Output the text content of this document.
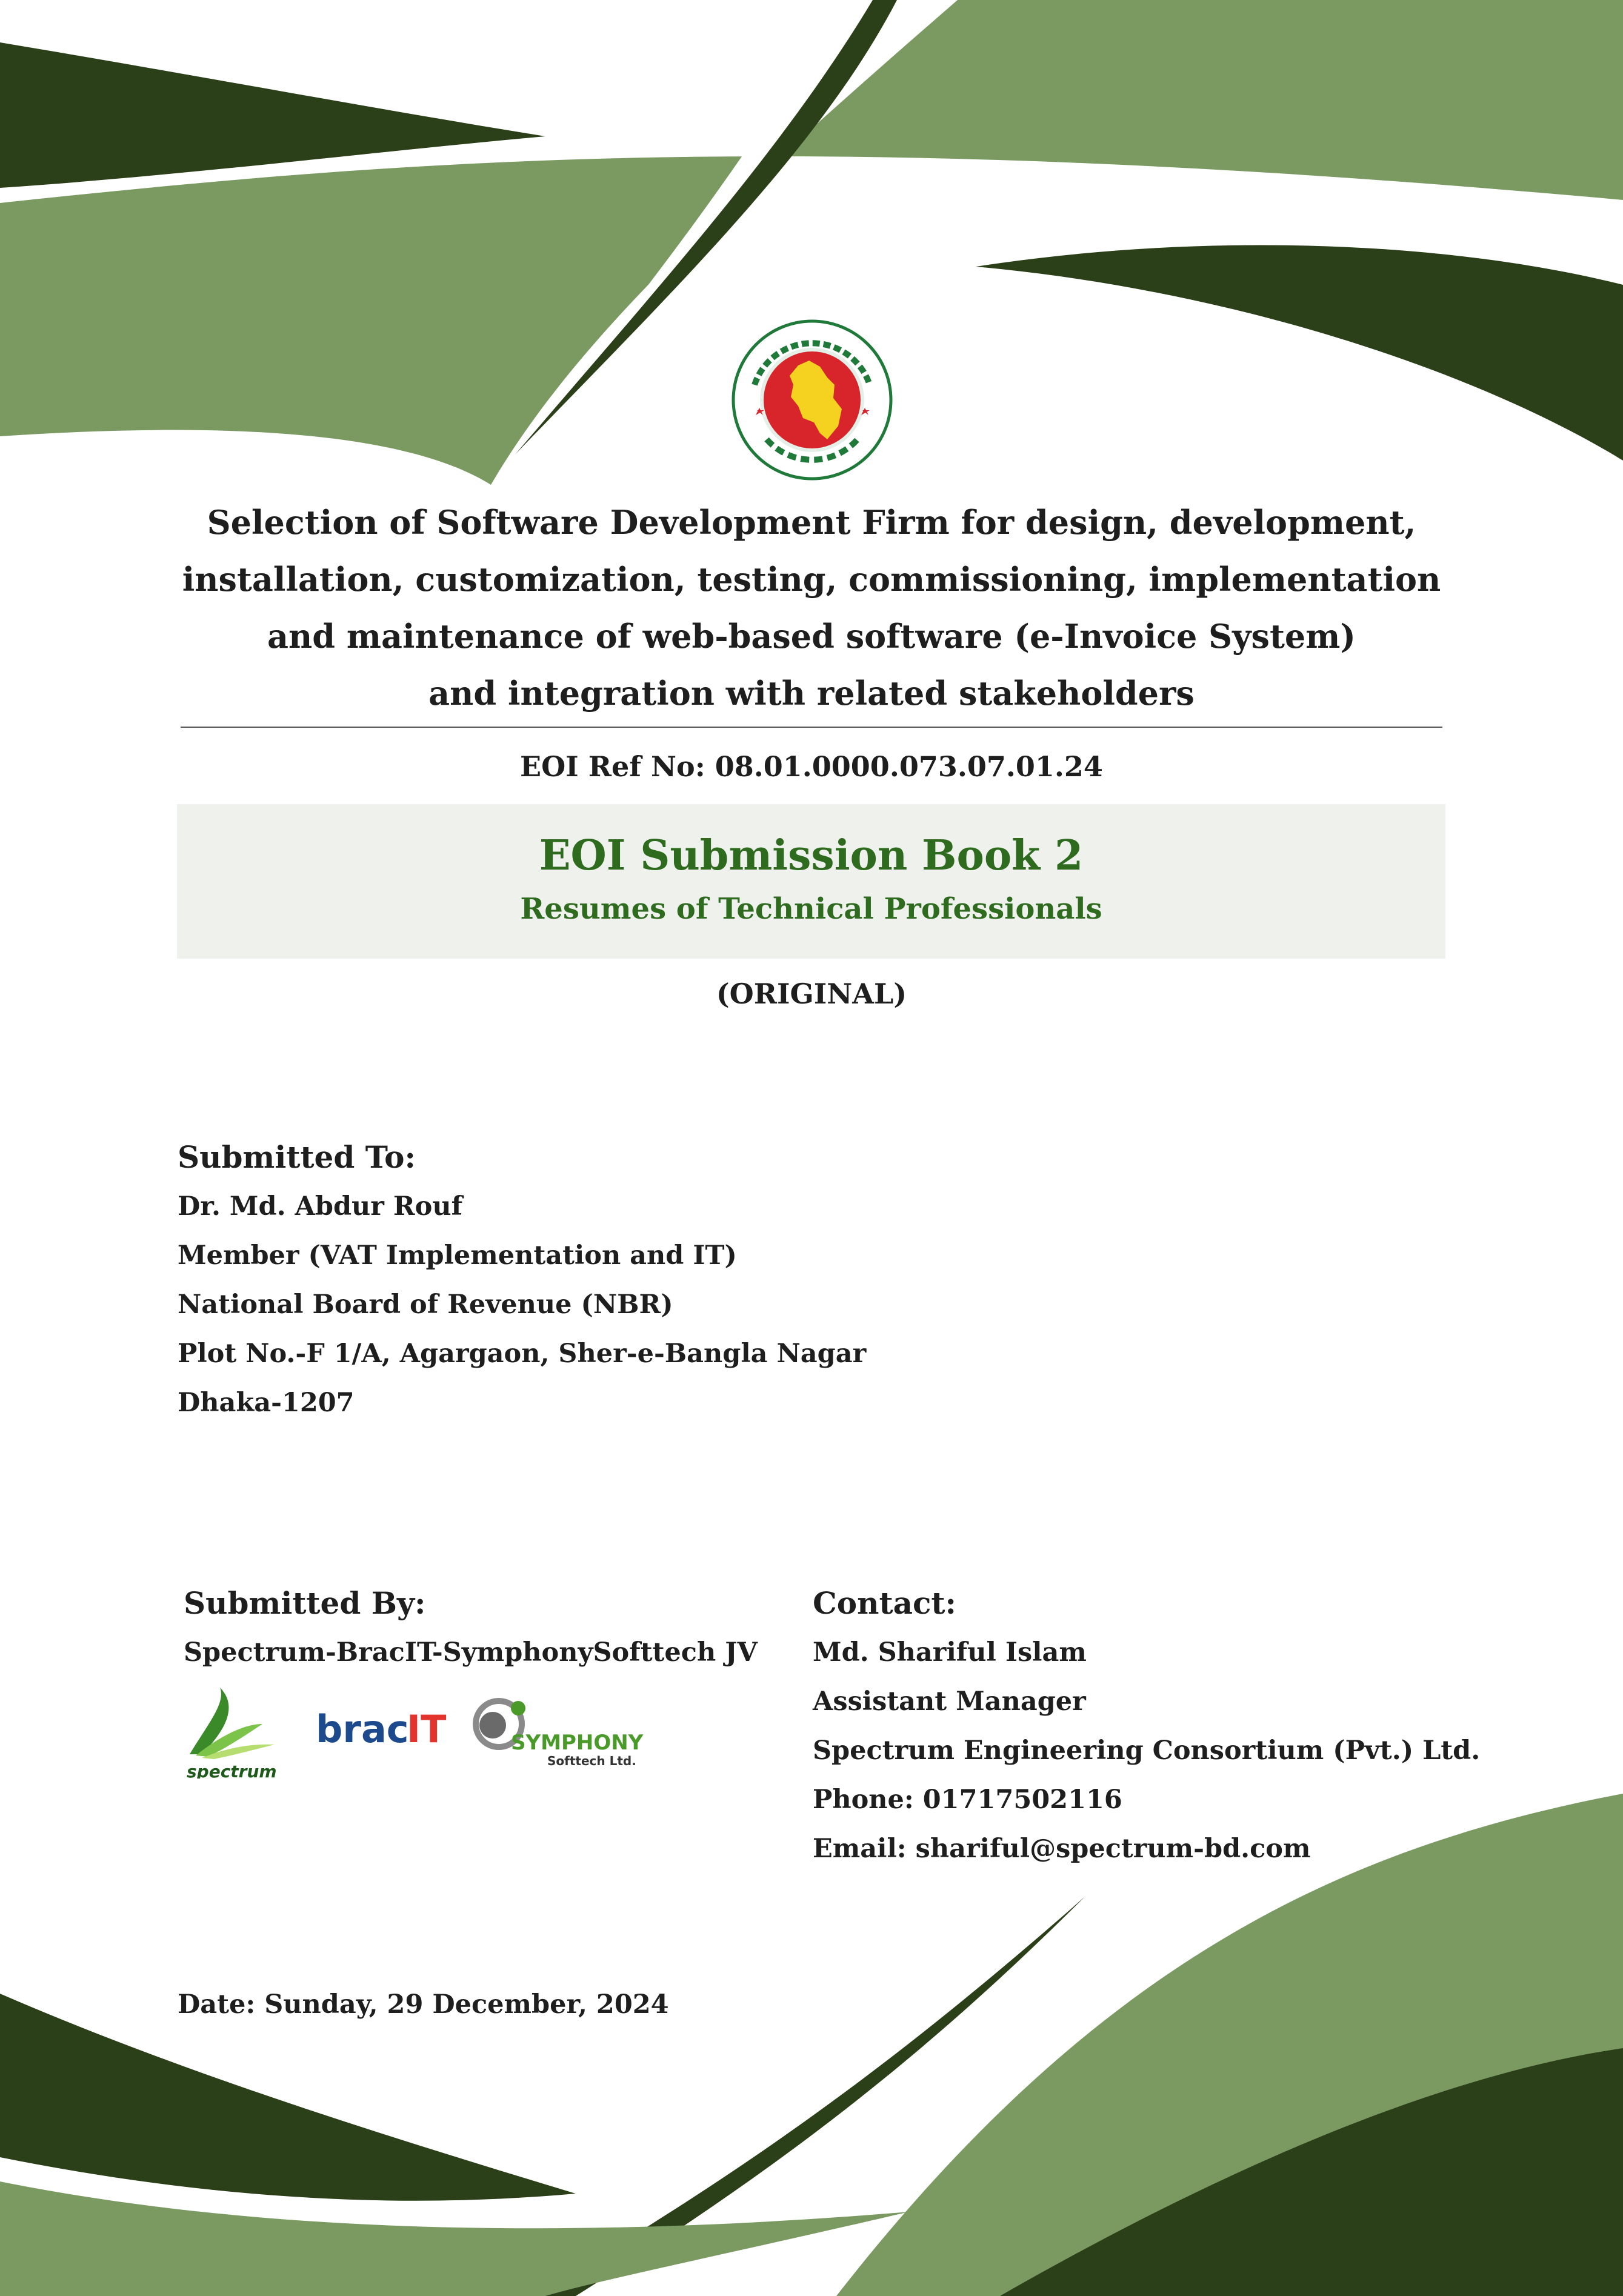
Selection of Software Development Firm for design, development,
installation, customization, testing, commissioning, implementation
and maintenance of web-based software (e-Invoice System)
and integration with related stakeholders
EOI Ref No: 08.01.0000.073.07.01.24
EOI Submission Book 2
Resumes of Technical Professionals
(ORIGINAL)
Submitted To:
Dr. Md. Abdur Rouf
Member (VAT Implementation and IT)
National Board of Revenue (NBR)
Plot No.-F 1/A, Agargaon, Sher-e-Bangla Nagar
Dhaka-1207
Submitted By:
Spectrum-BracIT-SymphonySofttech JV
spectrum
brac
IT	SYMPHONY
Softtech Ltd.
Contact:
Md. Shariful Islam
Assistant Manager
Spectrum Engineering Consortium (Pvt.) Ltd.
Phone: 01717502116
Email: shariful@spectrum-bd.com
Date: Sunday, 29 December, 2024
